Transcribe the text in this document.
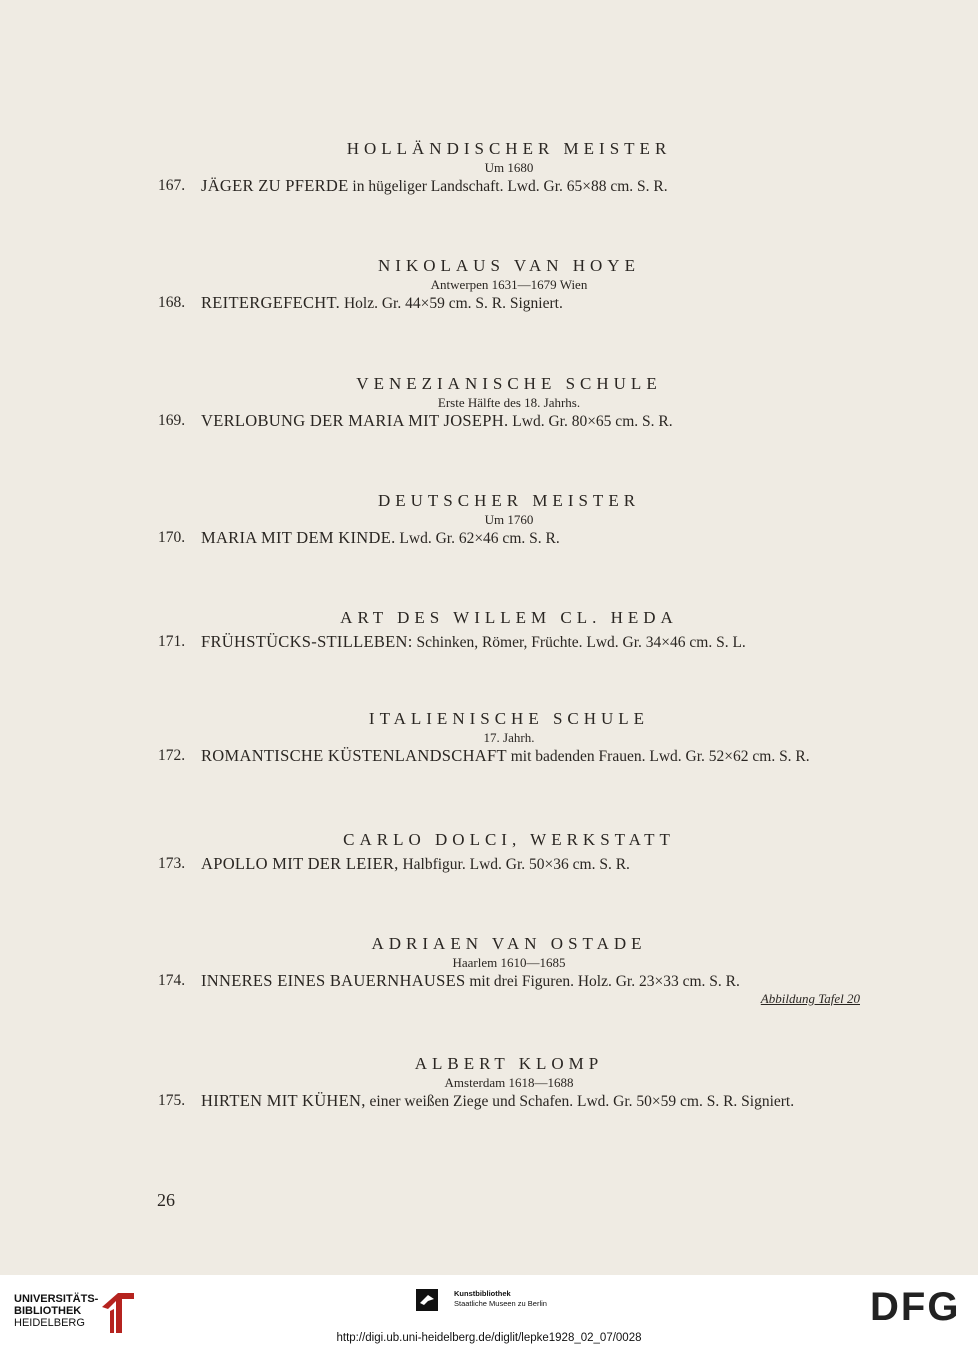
HOLLÄNDISCHER MEISTER
Um 1680
167. JÄGER ZU PFERDE in hügeliger Landschaft. Lwd. Gr. 65×88 cm. S. R.
NIKOLAUS VAN HOYE
Antwerpen 1631—1679 Wien
168. REITERGEFECHT. Holz. Gr. 44×59 cm. S. R. Signiert.
VENEZIANISCHE SCHULE
Erste Hälfte des 18. Jahrhs.
169. VERLOBUNG DER MARIA MIT JOSEPH. Lwd. Gr. 80×65 cm. S. R.
DEUTSCHER MEISTER
Um 1760
170. MARIA MIT DEM KINDE. Lwd. Gr. 62×46 cm. S. R.
ART DES WILLEM CL. HEDA
171. FRÜHSTÜCKS-STILLEBEN: Schinken, Römer, Früchte. Lwd. Gr. 34×46 cm. S. L.
ITALIENISCHE SCHULE
17. Jahrh.
172. ROMANTISCHE KÜSTENLANDSCHAFT mit badenden Frauen. Lwd. Gr. 52×62 cm. S. R.
CARLO DOLCI, WERKSTATT
173. APOLLO MIT DER LEIER, Halbfigur. Lwd. Gr. 50×36 cm. S. R.
ADRIAEN VAN OSTADE
Haarlem 1610—1685
174. INNERES EINES BAUERNHAUSES mit drei Figuren. Holz. Gr. 23×33 cm. S. R.
Abbildung Tafel 20
ALBERT KLOMP
Amsterdam 1618—1688
175. HIRTEN MIT KÜHEN, einer weißen Ziege und Schafen. Lwd. Gr. 50×59 cm. S. R. Signiert.
26
UNIVERSITÄTS-
BIBLIOTHEK
HEIDELBERG
Kunstbibliothek
Staatliche Museen zu Berlin	DFG
http://digi.ub.uni-heidelberg.de/diglit/lepke1928_02_07/0028
